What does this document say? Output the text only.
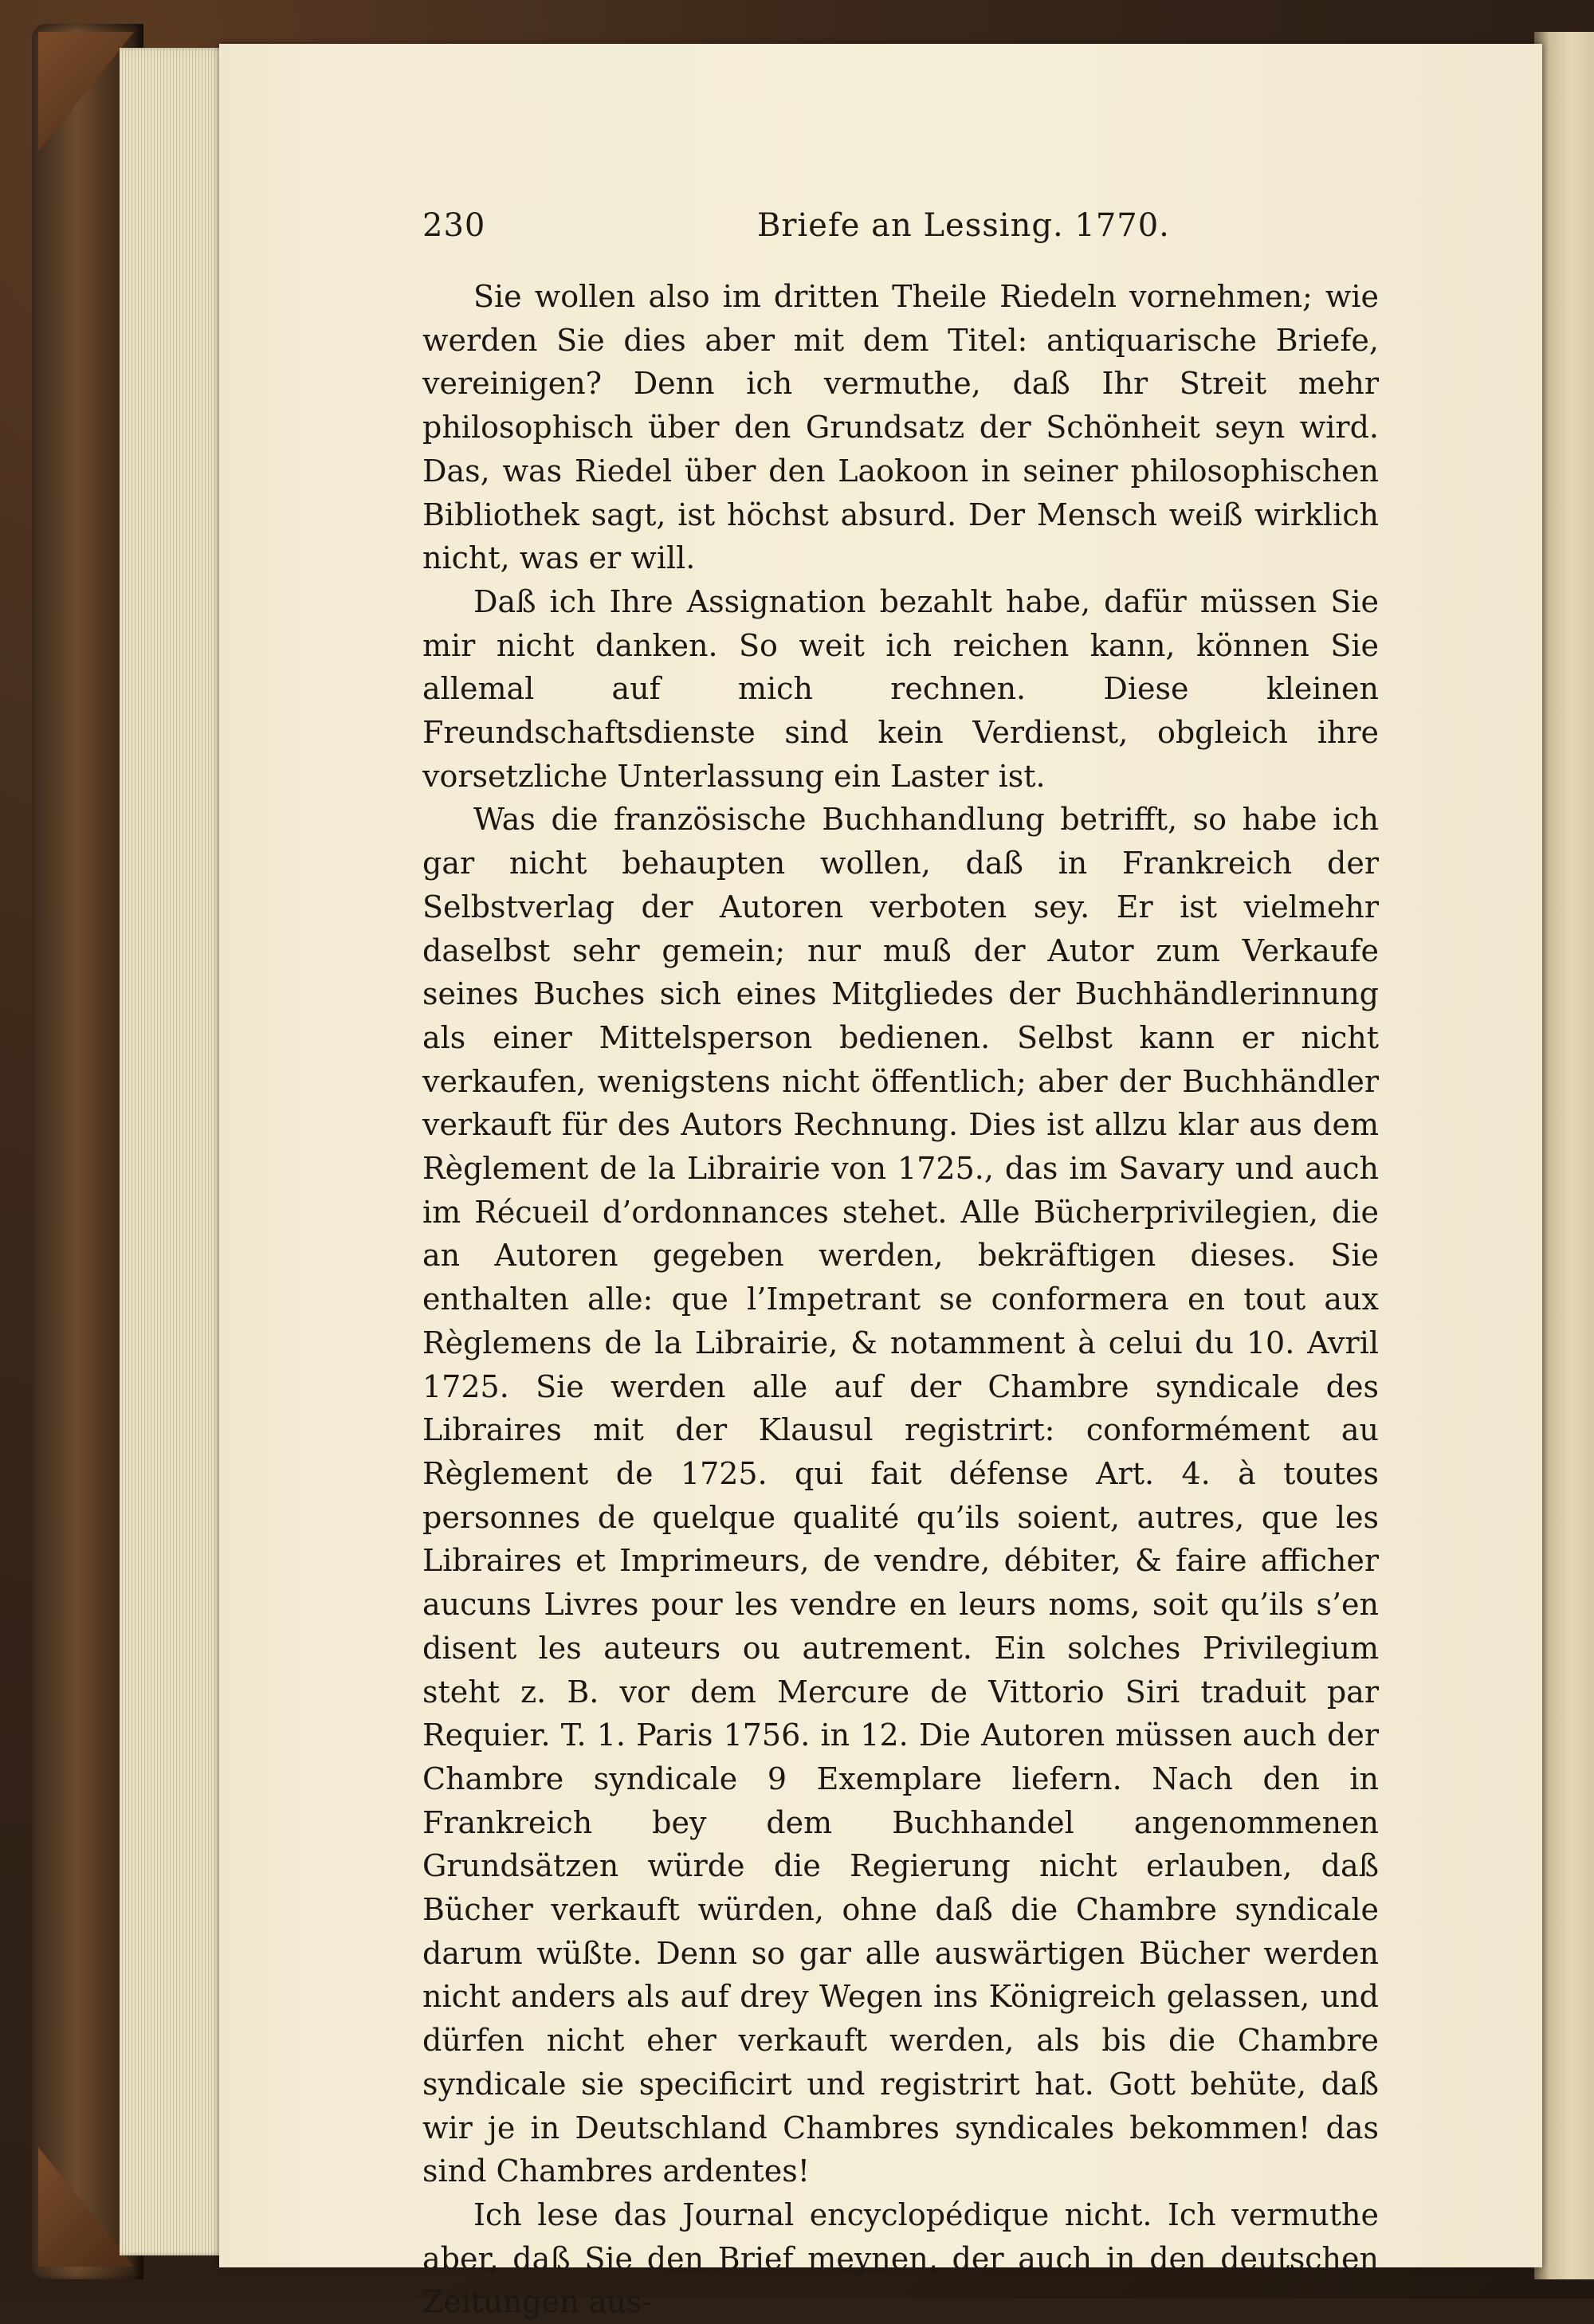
230	Briefe an Lessing. 1770.

Sie wollen also im dritten Theile Riedeln vornehmen; wie werden Sie dies aber mit dem Titel: antiquarische Briefe, vereinigen? Denn ich vermuthe, daß Ihr Streit mehr philosophisch über den Grundsatz der Schönheit seyn wird. Das, was Riedel über den Laokoon in seiner philosophischen Bibliothek sagt, ist höchst absurd. Der Mensch weiß wirklich nicht, was er will.

Daß ich Ihre Assignation bezahlt habe, dafür müssen Sie mir nicht danken. So weit ich reichen kann, können Sie allemal auf mich rechnen. Diese kleinen Freundschaftsdienste sind kein Verdienst, obgleich ihre vorsetzliche Unterlassung ein Laster ist.

Was die französische Buchhandlung betrifft, so habe ich gar nicht behaupten wollen, daß in Frankreich der Selbstverlag der Autoren verboten sey. Er ist vielmehr daselbst sehr gemein; nur muß der Autor zum Verkaufe seines Buches sich eines Mitgliedes der Buchhändlerinnung als einer Mittelsperson bedienen. Selbst kann er nicht verkaufen, wenigstens nicht öffentlich; aber der Buchhändler verkauft für des Autors Rechnung. Dies ist allzu klar aus dem Règlement de la Librairie von 1725., das im Savary und auch im Récueil d’ordonnances stehet. Alle Bücherprivilegien, die an Autoren gegeben werden, bekräftigen dieses. Sie enthalten alle: que l’Impetrant se conformera en tout aux Règlemens de la Librairie, & notamment à celui du 10. Avril 1725. Sie werden alle auf der Chambre syndicale des Libraires mit der Klausul registrirt: conformément au Règlement de 1725. qui fait défense Art. 4. à toutes personnes de quelque qualité qu’ils soient, autres, que les Libraires et Imprimeurs, de vendre, débiter, & faire afficher aucuns Livres pour les vendre en leurs noms, soit qu’ils s’en disent les auteurs ou autrement. Ein solches Privilegium steht z. B. vor dem Mercure de Vittorio Siri traduit par Requier. T. 1. Paris 1756. in 12. Die Autoren müssen auch der Chambre syndicale 9 Exemplare liefern. Nach den in Frankreich bey dem Buchhandel angenommenen Grundsätzen würde die Regierung nicht erlauben, daß Bücher verkauft würden, ohne daß die Chambre syndicale darum wüßte. Denn so gar alle auswärtigen Bücher werden nicht anders als auf drey Wegen ins Königreich gelassen, und dürfen nicht eher verkauft werden, als bis die Chambre syndicale sie specificirt und registrirt hat. Gott behüte, daß wir je in Deutschland Chambres syndicales bekommen! das sind Chambres ardentes!

Ich lese das Journal encyclopédique nicht. Ich vermuthe aber, daß Sie den Brief meynen, der auch in den deutschen Zeitungen aus-
